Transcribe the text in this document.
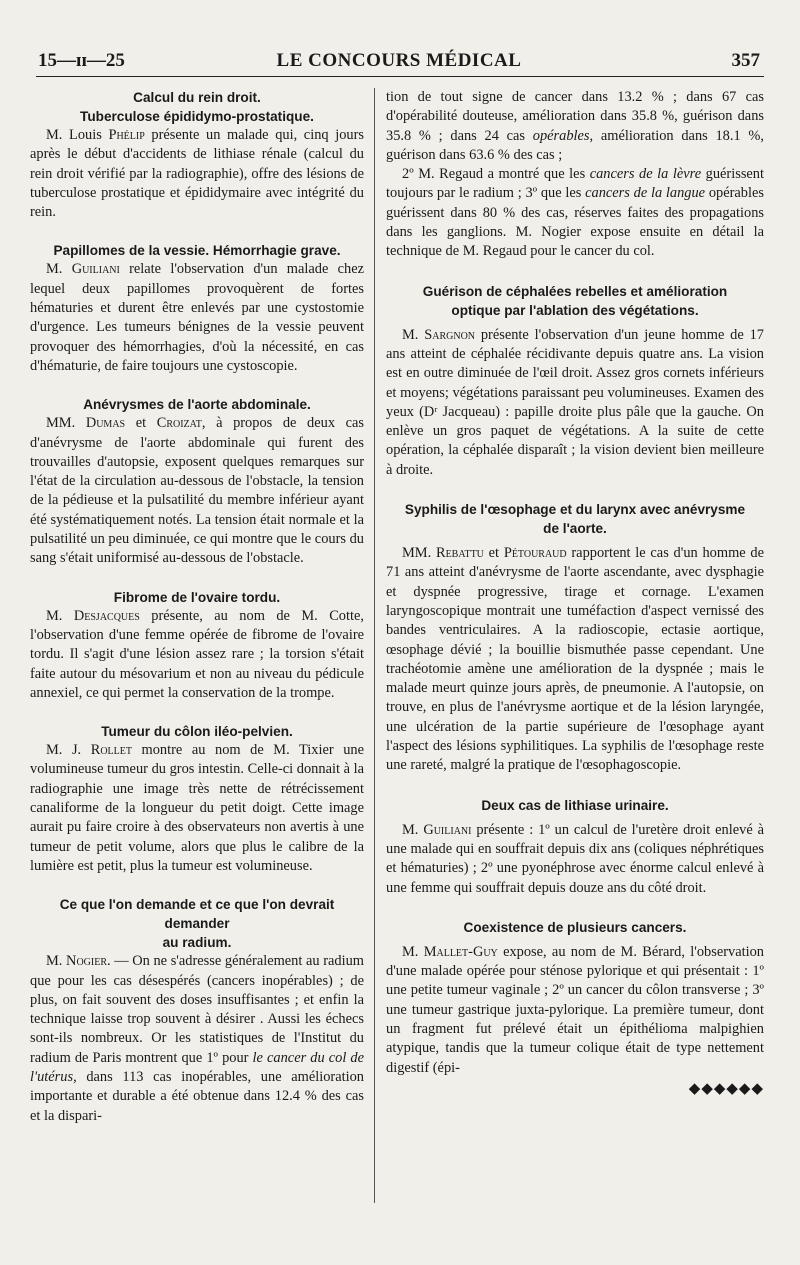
15—ɪɪ—25	LE CONCOURS MÉDICAL	357
Calcul du rein droit.
Tuberculose épididymo-prostatique.

M. Louis Phélip présente un malade qui, cinq jours après le début d'accidents de lithiase rénale (calcul du rein droit vérifié par la radiographie), offre des lésions de tuberculose prostatique et épididymaire avec intégrité du rein.

Papillomes de la vessie. Hémorrhagie grave.

M. Guiliani relate l'observation d'un malade chez lequel deux papillomes provoquèrent de fortes hématuries et durent être enlevés par une cystostomie d'urgence. Les tumeurs bénignes de la vessie peuvent provoquer des hémorrhagies, d'où la nécessité, en cas d'hématurie, de faire toujours une cystoscopie.

Anévrysmes de l'aorte abdominale.

MM. Dumas et Croizat, à propos de deux cas d'anévrysme de l'aorte abdominale qui furent des trouvailles d'autopsie, exposent quelques remarques sur l'état de la circulation au-dessous de l'obstacle, la tension de la pédieuse et la pulsatilité du membre inférieur ayant été systématiquement notés. La tension était normale et la pulsatilité un peu diminuée, ce qui montre que le cours du sang s'était uniformisé au-dessous de l'obstacle.

Fibrome de l'ovaire tordu.

M. Desjacques présente, au nom de M. Cotte, l'observation d'une femme opérée de fibrome de l'ovaire tordu. Il s'agit d'une lésion assez rare ; la torsion s'était faite autour du mésovarium et non au niveau du pédicule annexiel, ce qui permet la conservation de la trompe.

Tumeur du côlon iléo-pelvien.

M. J. Rollet montre au nom de M. Tixier une volumineuse tumeur du gros intestin. Celle-ci donnait à la radiographie une image très nette de rétrécissement canaliforme de la longueur du petit doigt. Cette image aurait pu faire croire à des observateurs non avertis à une tumeur de petit volume, alors que plus le calibre de la lumière est petit, plus la tumeur est volumineuse.

Ce que l'on demande et ce que l'on devrait demander
au radium.

M. Nogier. — On ne s'adresse généralement au radium que pour les cas désespérés (cancers inopérables) ; de plus, on fait souvent des doses insuffisantes ; et enfin la technique laisse trop souvent à désirer . Aussi les échecs sont-ils nombreux. Or les statistiques de l'Institut du radium de Paris montrent que 1º pour le cancer du col de l'utérus, dans 113 cas inopérables, une amélioration importante et durable a été obtenue dans 12.4 % des cas et la dispari-

tion de tout signe de cancer dans 13.2 % ; dans 67 cas d'opérabilité douteuse, amélioration dans 35.8 %, guérison dans 35.8 % ; dans 24 cas opérables, amélioration dans 18.1 %, guérison dans 63.6 % des cas ;

2º M. Regaud a montré que les cancers de la lèvre guérissent toujours par le radium ; 3º que les cancers de la langue opérables guérissent dans 80 % des cas, réserves faites des propagations dans les ganglions. M. Nogier expose ensuite en détail la technique de M. Regaud pour le cancer du col.

Guérison de céphalées rebelles et amélioration
optique par l'ablation des végétations.

M. Sargnon présente l'observation d'un jeune homme de 17 ans atteint de céphalée récidivante depuis quatre ans. La vision est en outre diminuée de l'œil droit. Assez gros cornets inférieurs et moyens; végétations paraissant peu volumineuses. Examen des yeux (Dʳ Jacqueau) : papille droite plus pâle que la gauche. On enlève un gros paquet de végétations. A la suite de cette opération, la céphalée disparaît ; la vision devient bien meilleure à droite.

Syphilis de l'œsophage et du larynx avec anévrysme
de l'aorte.

MM. Rebattu et Pétouraud rapportent le cas d'un homme de 71 ans atteint d'anévrysme de l'aorte ascendante, avec dysphagie et dyspnée progressive, tirage et cornage. L'examen laryngoscopique montrait une tuméfaction d'aspect vernissé des bandes ventriculaires. A la radioscopie, ectasie aortique, œsophage dévié ; la bouillie bismuthée passe cependant. Une trachéotomie amène une amélioration de la dyspnée ; mais le malade meurt quinze jours après, de pneumonie. A l'autopsie, on trouve, en plus de l'anévrysme aortique et de la lésion laryngée, une ulcération de la partie supérieure de l'œsophage ayant l'aspect des lésions syphilitiques. La syphilis de l'œsophage reste une rareté, malgré la pratique de l'œsophagoscopie.

Deux cas de lithiase urinaire.

M. Guiliani présente : 1º un calcul de l'uretère droit enlevé à une malade qui en souffrait depuis dix ans (coliques néphrétiques et hématuries) ; 2º une pyonéphrose avec énorme calcul enlevé à une femme qui souffrait depuis douze ans du côté droit.

Coexistence de plusieurs cancers.

M. Mallet-Guy expose, au nom de M. Bérard, l'observation d'une malade opérée pour sténose pylorique et qui présentait : 1º une petite tumeur vaginale ; 2º un cancer du côlon transverse ; 3º une tumeur gastrique juxta-pylorique. La première tumeur, dont un fragment fut prélevé était un épithélioma malpighien atypique, tandis que la tumeur colique était de type nettement digestif (épi-

◆◆◆◆◆◆
